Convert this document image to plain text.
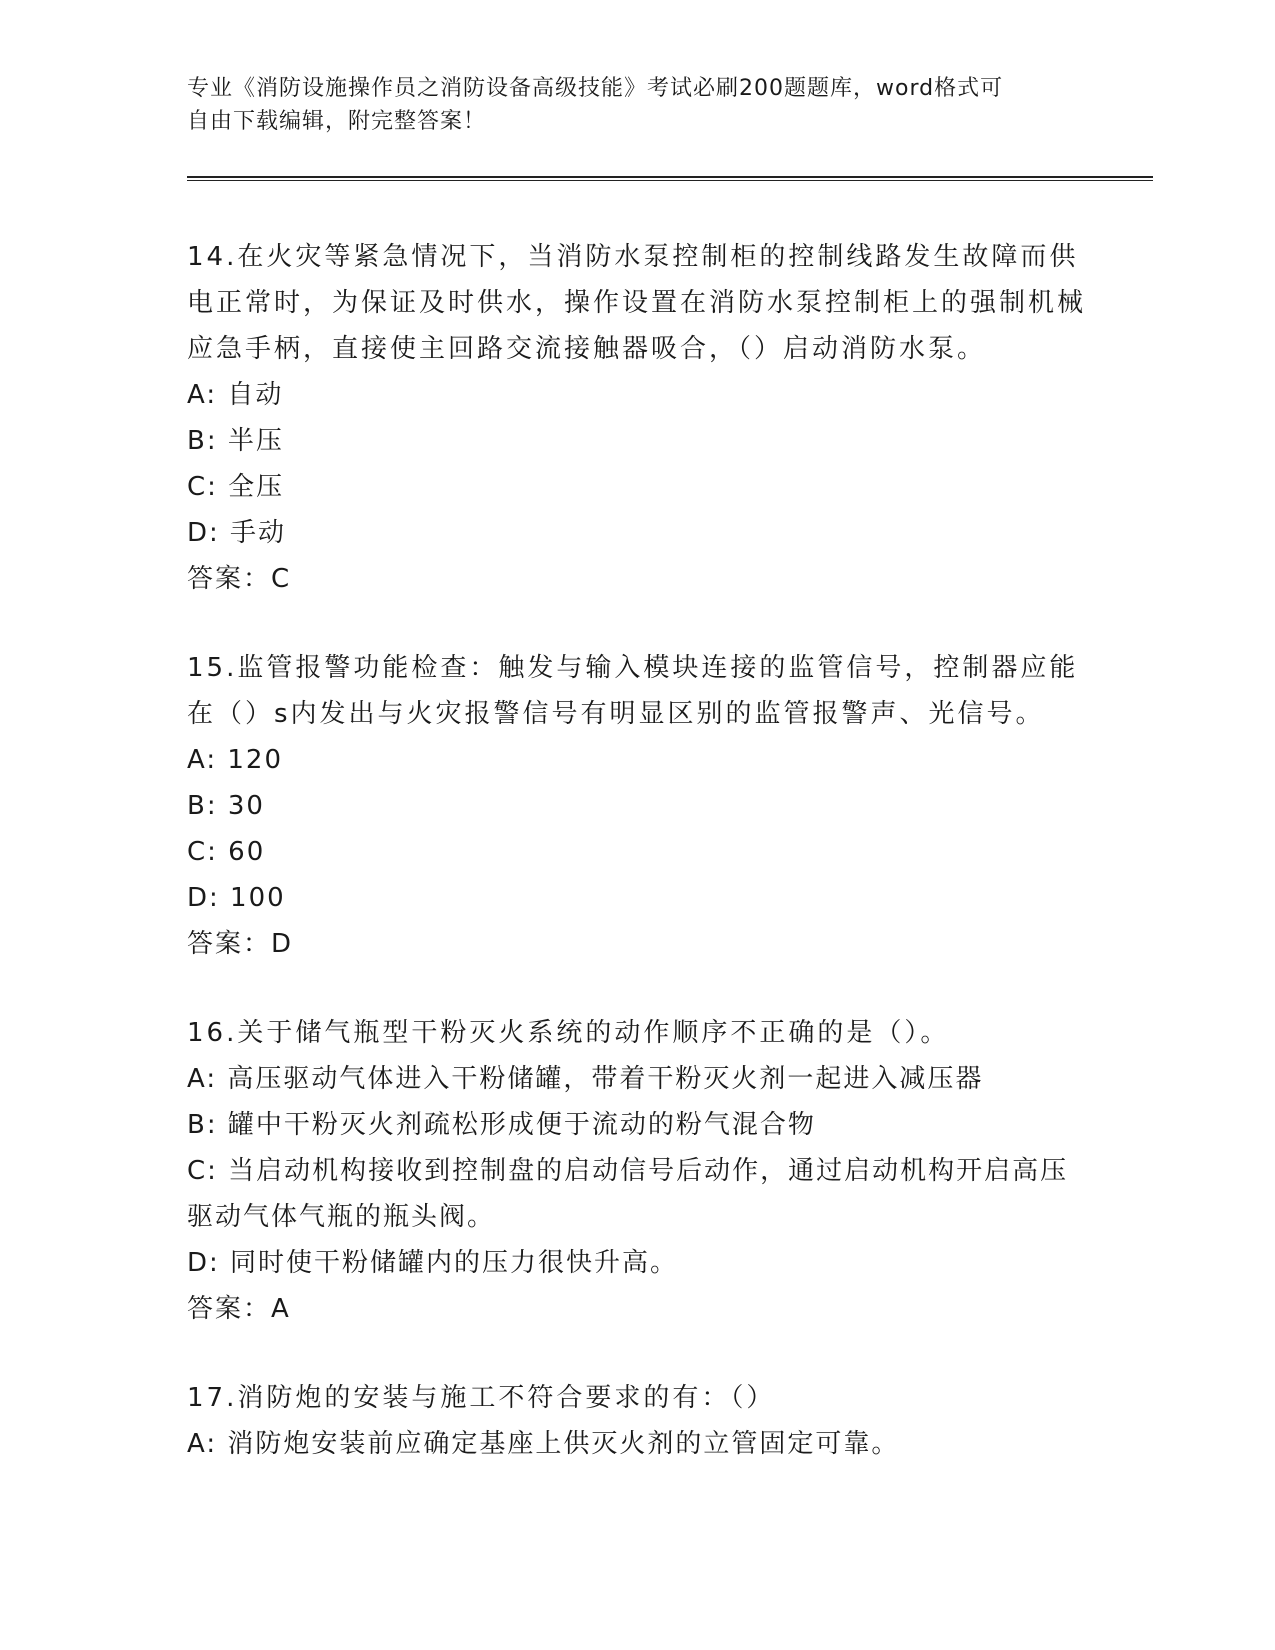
专业《消防设施操作员之消防设备高级技能》考试必刷200题题库，word格式可
自由下载编辑，附完整答案！

14.在火灾等紧急情况下，当消防水泵控制柜的控制线路发生故障而供电正常时，为保证及时供水，操作设置在消防水泵控制柜上的强制机械应急手柄，直接使主回路交流接触器吸合，（）启动消防水泵。

A: 自动

B: 半压

C: 全压

D: 手动

答案：C

15.监管报警功能检查：触发与输入模块连接的监管信号，控制器应能在（）s内发出与火灾报警信号有明显区别的监管报警声、光信号。

A: 120

B: 30

C: 60

D: 100

答案：D

16.关于储气瓶型干粉灭火系统的动作顺序不正确的是（）。

A: 高压驱动气体进入干粉储罐，带着干粉灭火剂一起进入减压器

B: 罐中干粉灭火剂疏松形成便于流动的粉气混合物

C: 当启动机构接收到控制盘的启动信号后动作，通过启动机构开启高压驱动气体气瓶的瓶头阀。

D: 同时使干粉储罐内的压力很快升高。

答案：A

17.消防炮的安装与施工不符合要求的有：（）

A: 消防炮安装前应确定基座上供灭火剂的立管固定可靠。
